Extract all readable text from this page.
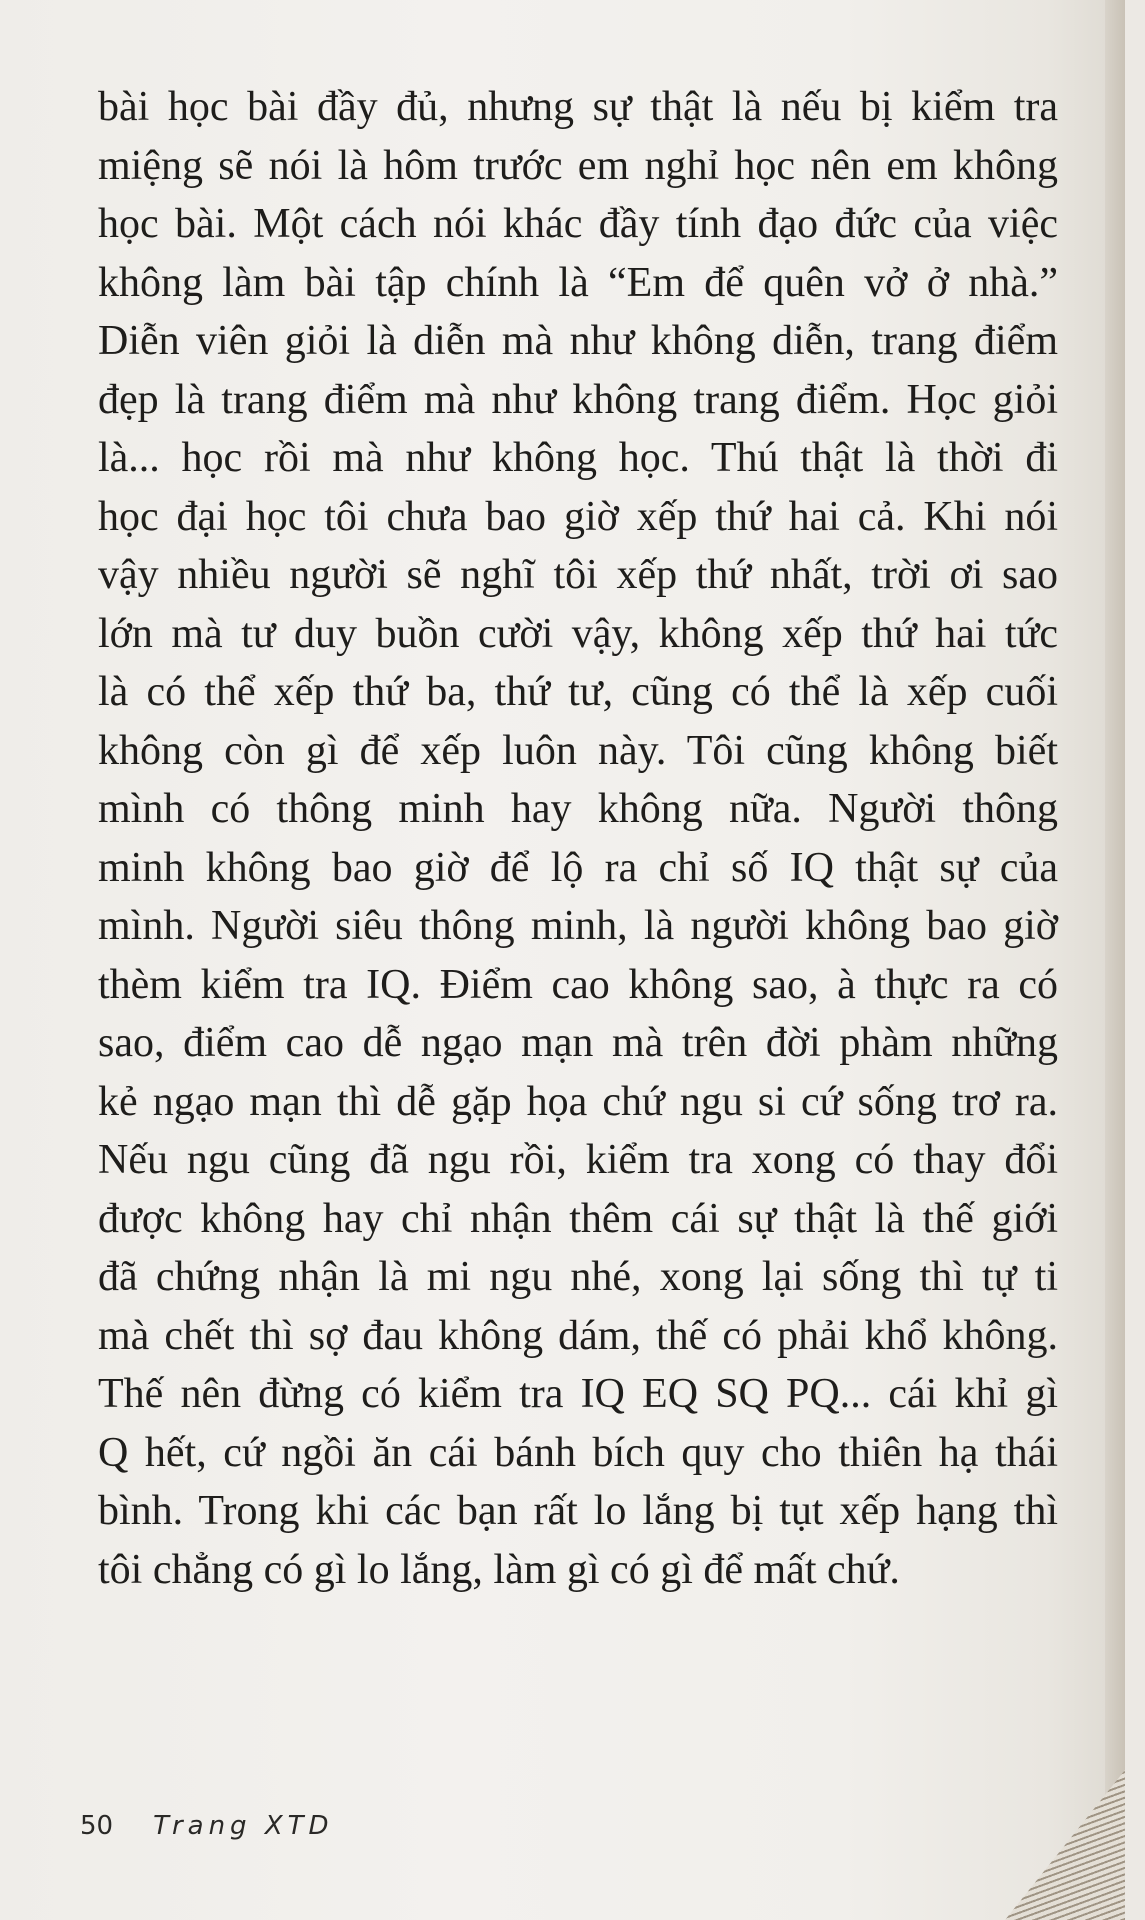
bài học bài đầy đủ, nhưng sự thật là nếu bị kiểm tra
miệng sẽ nói là hôm trước em nghỉ học nên em không
học bài. Một cách nói khác đầy tính đạo đức của việc
không làm bài tập chính là “Em để quên vở ở nhà.”
Diễn viên giỏi là diễn mà như không diễn, trang điểm
đẹp là trang điểm mà như không trang điểm. Học giỏi
là... học rồi mà như không học. Thú thật là thời đi
học đại học tôi chưa bao giờ xếp thứ hai cả. Khi nói
vậy nhiều người sẽ nghĩ tôi xếp thứ nhất, trời ơi sao
lớn mà tư duy buồn cười vậy, không xếp thứ hai tức
là có thể xếp thứ ba, thứ tư, cũng có thể là xếp cuối
không còn gì để xếp luôn này. Tôi cũng không biết
mình có thông minh hay không nữa. Người thông
minh không bao giờ để lộ ra chỉ số IQ thật sự của
mình. Người siêu thông minh, là người không bao giờ
thèm kiểm tra IQ. Điểm cao không sao, à thực ra có
sao, điểm cao dễ ngạo mạn mà trên đời phàm những
kẻ ngạo mạn thì dễ gặp họa chứ ngu si cứ sống trơ ra.
Nếu ngu cũng đã ngu rồi, kiểm tra xong có thay đổi
được không hay chỉ nhận thêm cái sự thật là thế giới
đã chứng nhận là mi ngu nhé, xong lại sống thì tự ti
mà chết thì sợ đau không dám, thế có phải khổ không.
Thế nên đừng có kiểm tra IQ EQ SQ PQ... cái khỉ gì
Q hết, cứ ngồi ăn cái bánh bích quy cho thiên hạ thái
bình. Trong khi các bạn rất lo lắng bị tụt xếp hạng thì
tôi chẳng có gì lo lắng, làm gì có gì để mất chứ.
50 Trang XTD
